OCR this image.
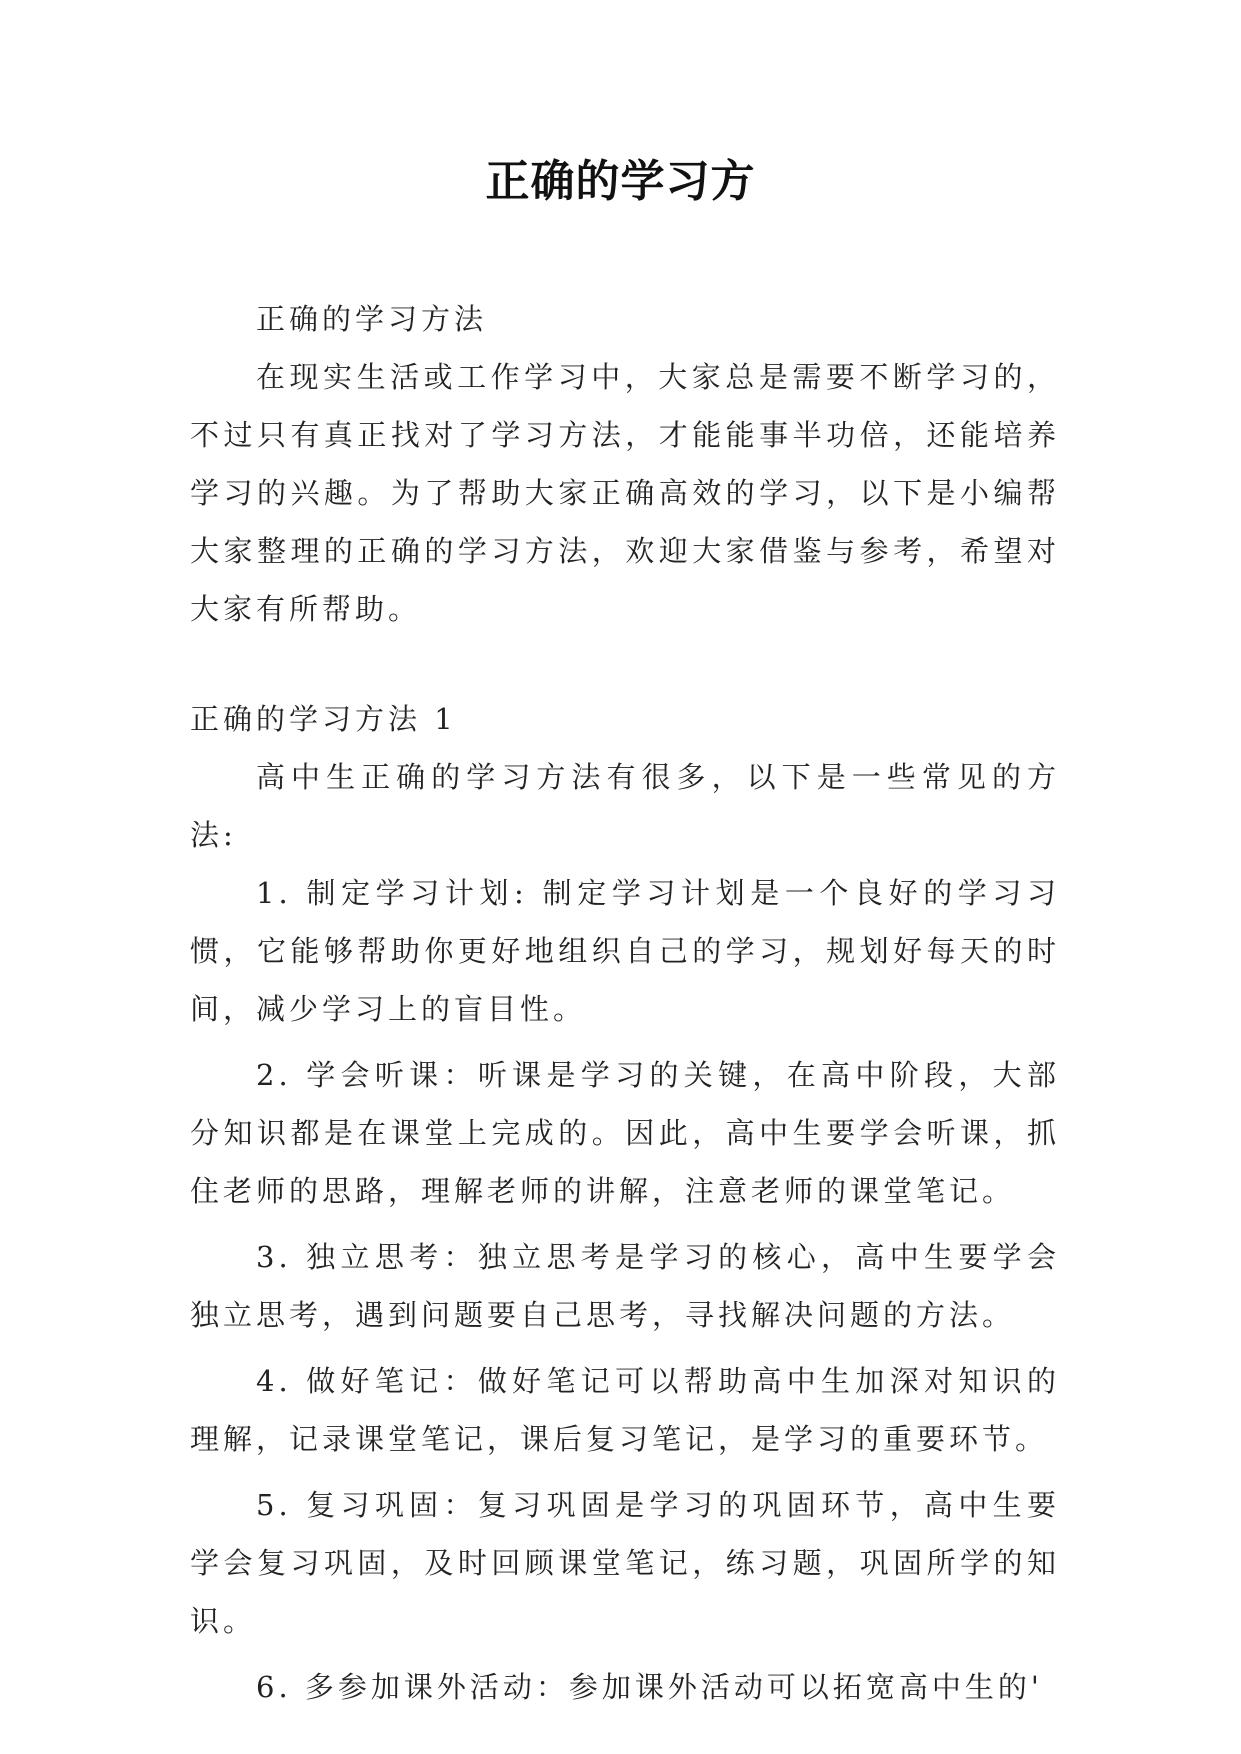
正确的学习方

正确的学习方法

在现实生活或工作学习中，大家总是需要不断学习的，不过只有真正找对了学习方法，才能能事半功倍，还能培养学习的兴趣。为了帮助大家正确高效的学习，以下是小编帮大家整理的正确的学习方法，欢迎大家借鉴与参考，希望对大家有所帮助。

正确的学习方法 1

高中生正确的学习方法有很多，以下是一些常见的方法:

1. 制定学习计划: 制定学习计划是一个良好的学习习惯，它能够帮助你更好地组织自己的学习，规划好每天的时间，减少学习上的盲目性。

2. 学会听课：听课是学习的关键，在高中阶段，大部分知识都是在课堂上完成的。因此，高中生要学会听课，抓住老师的思路，理解老师的讲解，注意老师的课堂笔记。

3. 独立思考：独立思考是学习的核心，高中生要学会独立思考，遇到问题要自己思考，寻找解决问题的方法。

4. 做好笔记：做好笔记可以帮助高中生加深对知识的理解，记录课堂笔记，课后复习笔记，是学习的重要环节。

5. 复习巩固：复习巩固是学习的巩固环节，高中生要学会复习巩固，及时回顾课堂笔记，练习题，巩固所学的知识。

6. 多参加课外活动：参加课外活动可以拓宽高中生的'
